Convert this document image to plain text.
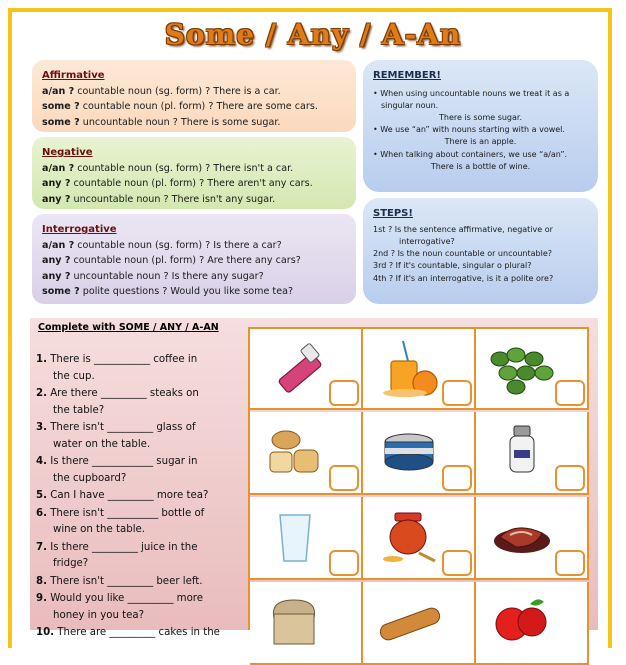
Some / Any / A-An
Affirmative
a/an ? countable noun (sg. form) ? There is a car.
some ? countable noun (pl. form) ? There are some cars.
some ? uncountable noun ? There is some sugar.
Negative
a/an ? countable noun (sg. form) ? There isn't a car.
any ? countable noun (pl. form) ? There aren't any cars.
any ? uncountable noun ? There isn't any sugar.
Interrogative
a/an ? countable noun (sg. form) ? Is there a car?
any ? countable noun (pl. form) ? Are there any cars?
any ? uncountable noun ? Is there any sugar?
some ? polite questions ? Would you like some tea?
REMEMBER!
• When using uncountable nouns we treat it as a singular noun.
There is some sugar.
• We use “an” with nouns starting with a vowel.
There is an apple.
• When talking about containers, we use “a/an”.
There is a bottle of wine.
STEPS!
1st ? Is the sentence affirmative, negative or interrogative?
2nd ? Is the noun countable or uncountable?
3rd ? If it's countable, singular o plural?
4th ? If it's an interrogative, is it a polite ore?
Complete with SOME / ANY / A-AN
1. There is ___________ coffee in
the cup.
2. Are there _________ steaks on
the table?
3. There isn't _________ glass of
water on the table.
4. Is there ____________ sugar in
the cupboard?
5. Can I have _________ more tea?
6. There isn't __________ bottle of
wine on the table.
7. Is there _________ juice in the
fridge?
8. There isn't _________ beer left.
9. Would you like _________ more
honey in you tea?
10. There are _________ cakes in the
